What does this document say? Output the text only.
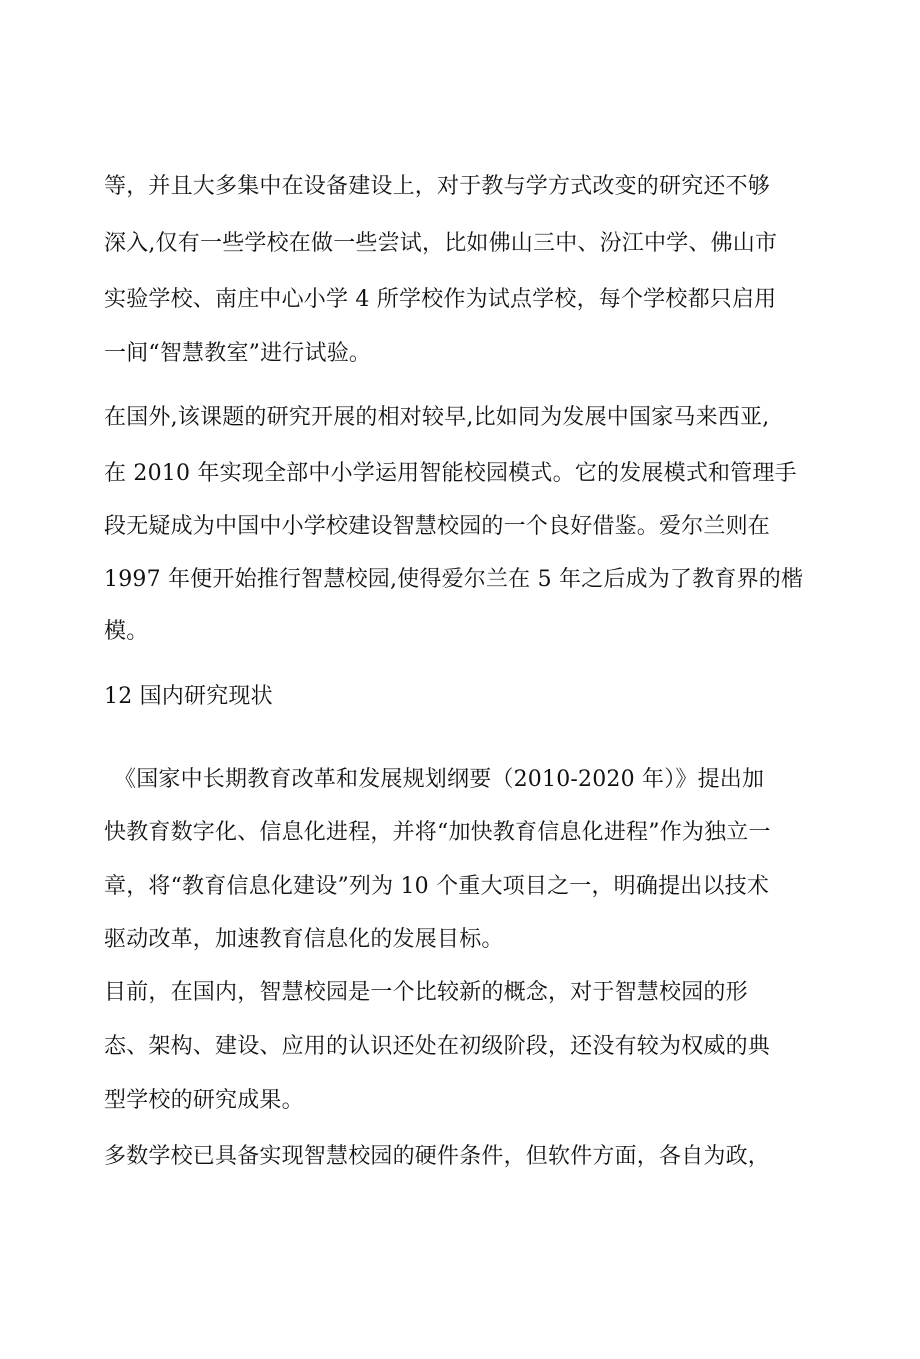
等，并且大多集中在设备建设上，对于教与学方式改变的研究还不够
深入,仅有一些学校在做一些尝试，比如佛山三中、汾江中学、佛山市
实验学校、南庄中心小学 4 所学校作为试点学校，每个学校都只启用
一间“智慧教室”进行试验。
在国外,该课题的研究开展的相对较早,比如同为发展中国家马来西亚,
在 2010 年实现全部中小学运用智能校园模式。它的发展模式和管理手
段无疑成为中国中小学校建设智慧校园的一个良好借鉴。爱尔兰则在
1997 年便开始推行智慧校园,使得爱尔兰在 5 年之后成为了教育界的楷
模。
12 国内研究现状
《国家中长期教育改革和发展规划纲要（2010-2020 年）》提出加
快教育数字化、信息化进程，并将“加快教育信息化进程”作为独立一
章，将“教育信息化建设”列为 10 个重大项目之一，明确提出以技术
驱动改革，加速教育信息化的发展目标。
目前，在国内，智慧校园是一个比较新的概念，对于智慧校园的形
态、架构、建设、应用的认识还处在初级阶段，还没有较为权威的典
型学校的研究成果。
多数学校已具备实现智慧校园的硬件条件，但软件方面，各自为政，
